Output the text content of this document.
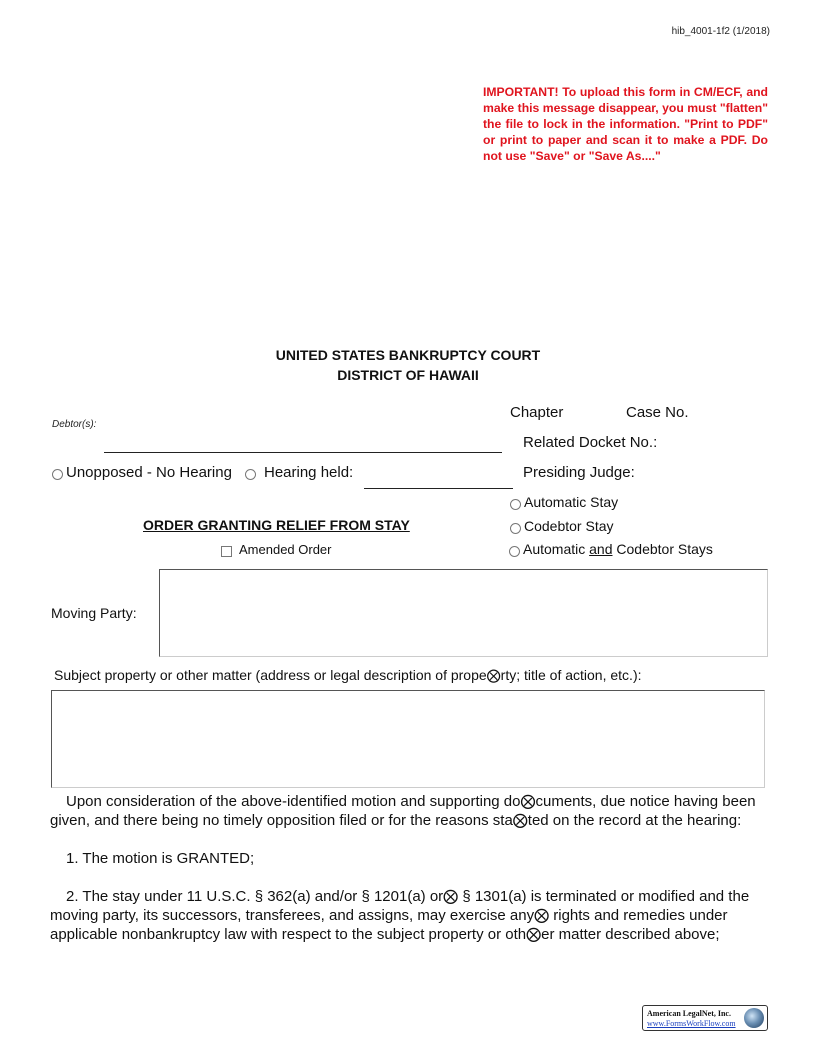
hib_4001-1f2 (1/2018)
IMPORTANT! To upload this form in CM/ECF, and make this message disappear, you must "flatten" the file to lock in the information. "Print to PDF" or print to paper and scan it to make a PDF. Do not use "Save" or "Save As...."
UNITED STATES BANKRUPTCY COURT
DISTRICT OF HAWAII
Debtor(s):
Chapter	Case No.
Related Docket No.:
Presiding Judge:
Unopposed - No Hearing Hearing held:
Automatic Stay
Codebtor Stay
Automatic and Codebtor Stays
ORDER GRANTING RELIEF FROM STAY
Amended Order
Moving Party:
Subject property or other matter (address or legal description of prope⨂rty; title of action, etc.):
Upon consideration of the above-identified motion and supporting do⨂cuments, due notice having been given, and there being no timely opposition filed or for the reasons sta⨂ted on the record at the hearing:
1. The motion is GRANTED;
2. The stay under 11 U.S.C. § 362(a) and/or § 1201(a) or⨂ § 1301(a) is terminated or modified and the moving party, its successors, transferees, and assigns, may exercise any⨂ rights and remedies under applicable nonbankruptcy law with respect to the subject property or oth⨂er matter described above;
American LegalNet, Inc.
www.FormsWorkFlow.com
